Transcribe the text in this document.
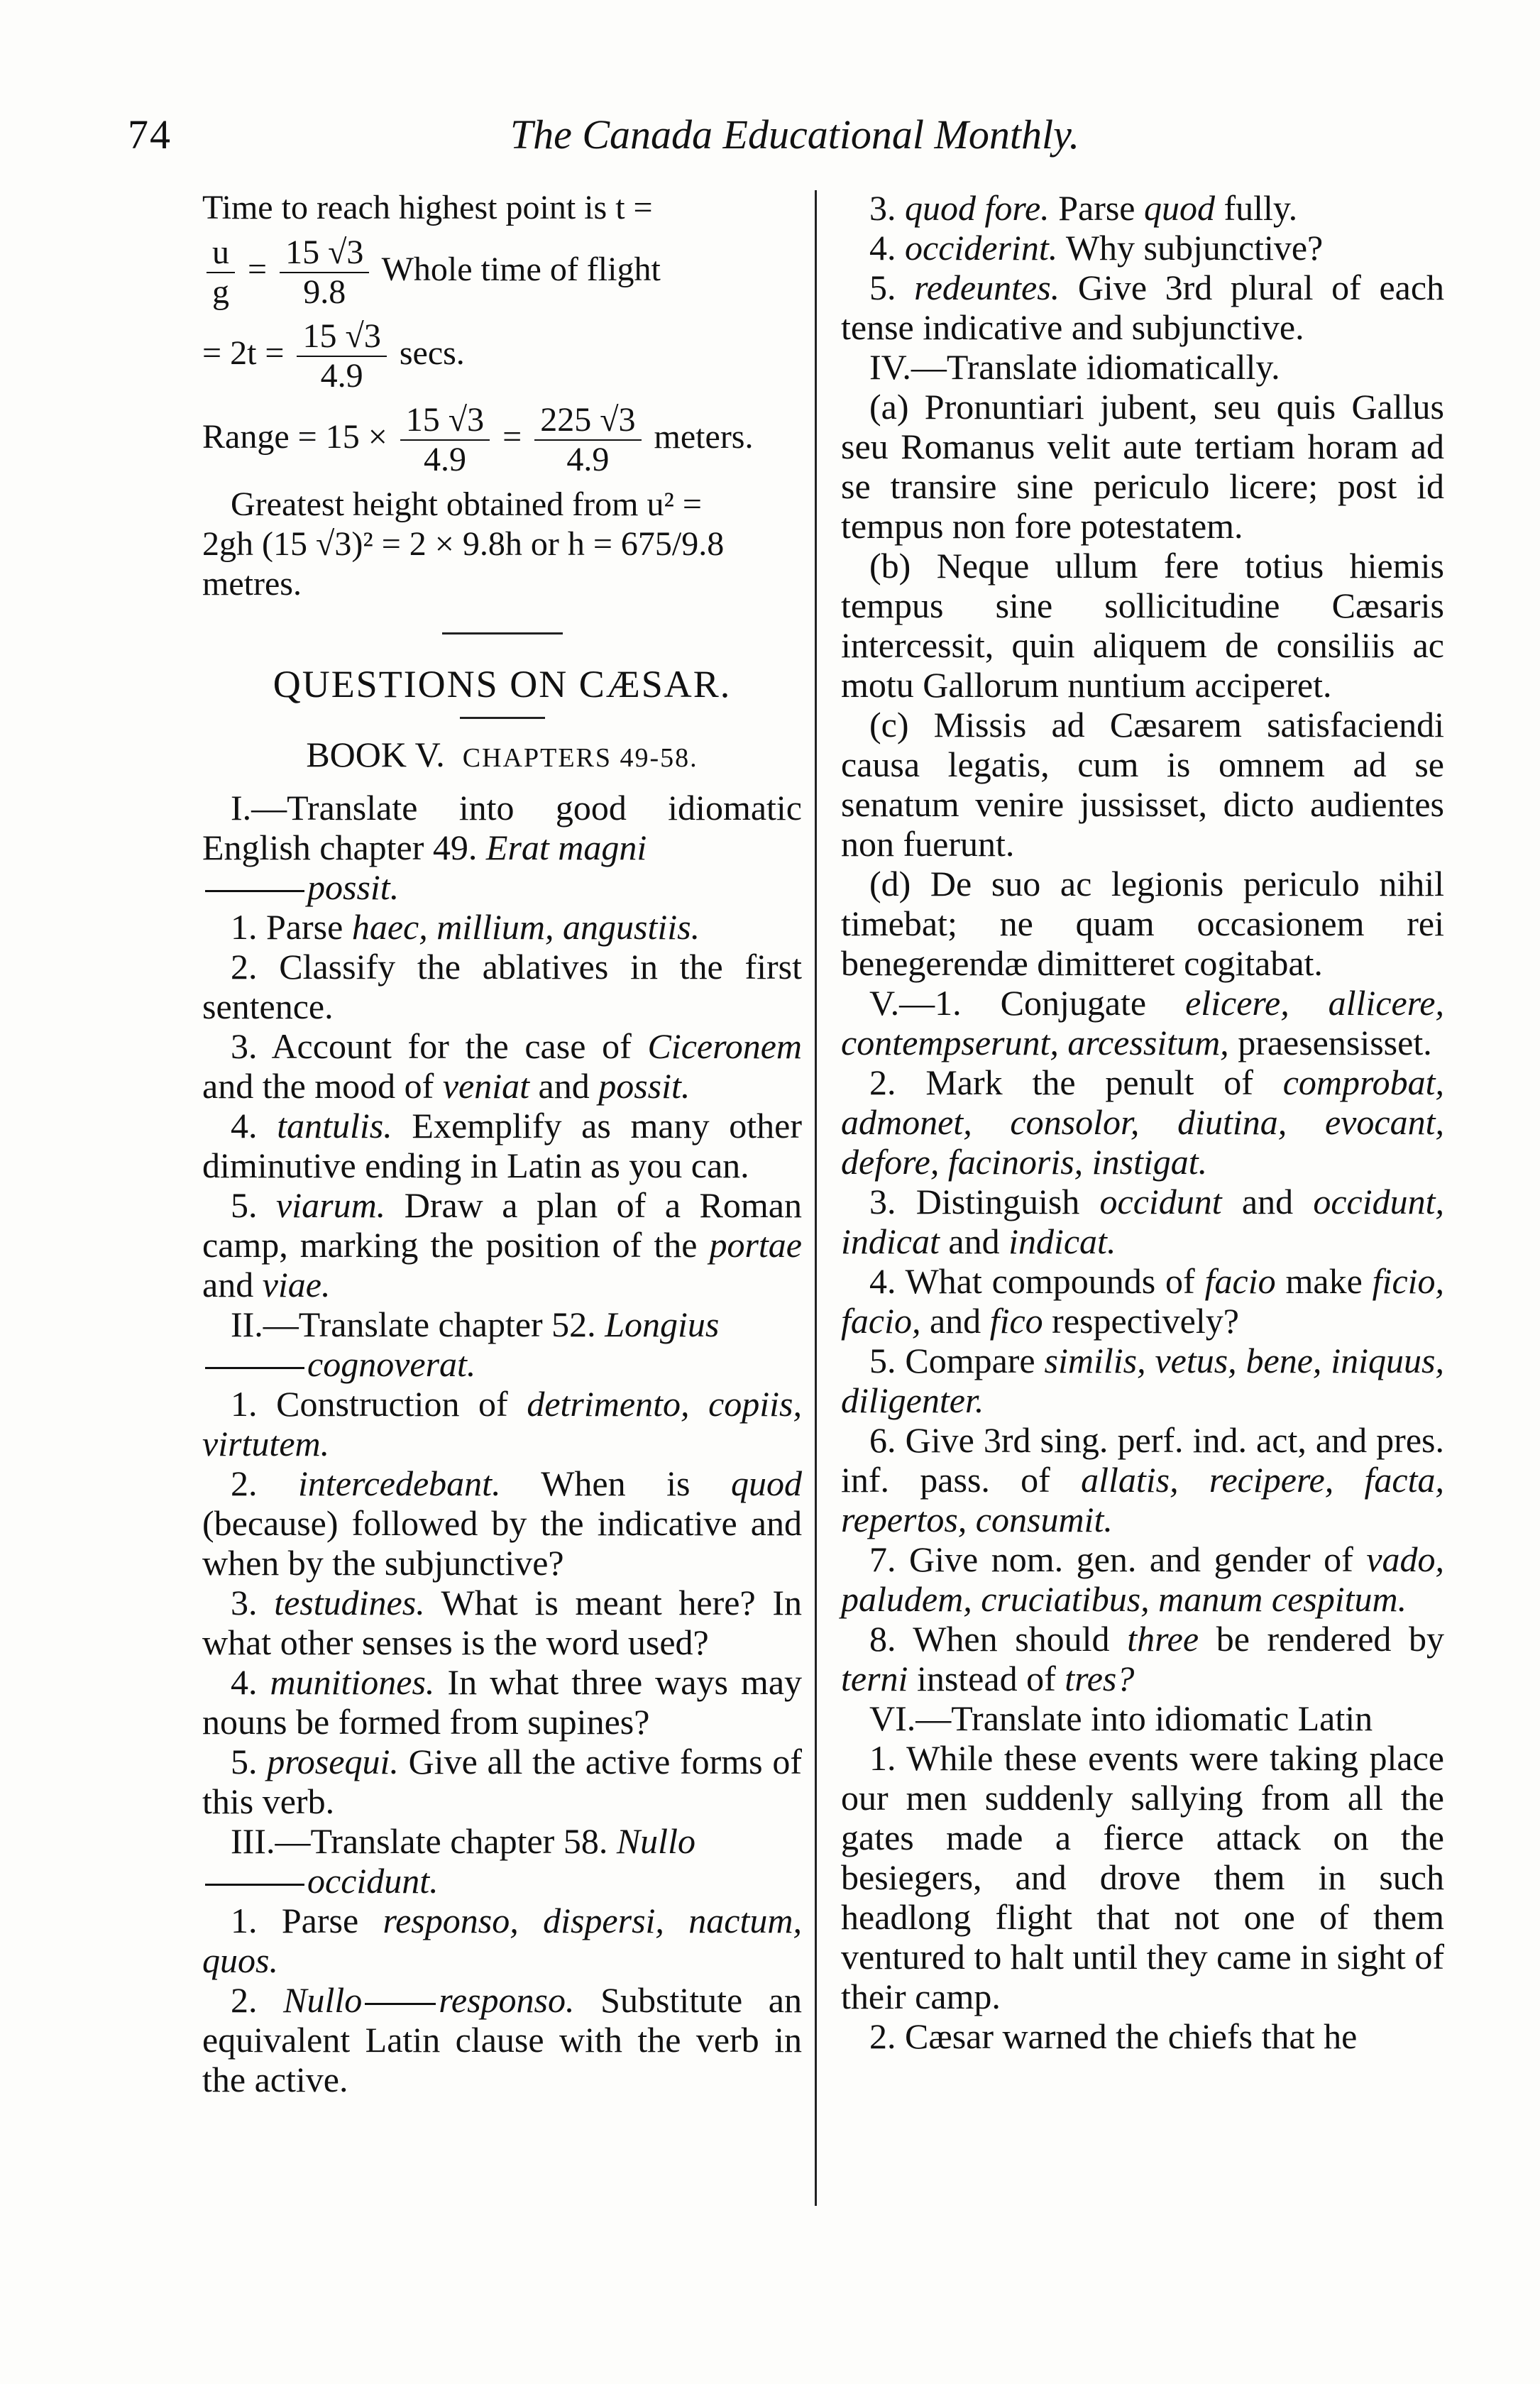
74	The Canada Educational Monthly.

Time to reach highest point is t =

$\frac{u}{g} = \frac{15 √3}{9.8}$ Whole time of flight
= $2t = \frac{15 √3}{4.9} \sec s$.
Range = $15 \times \frac{15 √3}{4.9} = \frac{225 √3}{4.9}$ meters.

Greatest height obtained from u² =

2gh (15 √3)² = 2 × 9.8h or h = 675/9.8

metres.

QUESTIONS ON CÆSAR.

BOOK V. CHAPTERS 49-58.

I.—Translate into good idiomatic English chapter 49. Erat magni
possit.

1. Parse haec, millium, angustiis.

2. Classify the ablatives in the first sentence.

3. Account for the case of Ciceronem and the mood of veniat and possit.

4. tantulis. Exemplify as many other diminutive ending in Latin as you can.

5. viarum. Draw a plan of a Roman camp, marking the position of the portae and viae.

II.—Translate chapter 52. Longius
cognoverat.

1. Construction of detrimento, copiis, virtutem.

2. intercedebant. When is quod (because) followed by the indicative and when by the subjunctive?

3. testudines. What is meant here? In what other senses is the word used?

4. munitiones. In what three ways may nouns be formed from supines?

5. prosequi. Give all the active forms of this verb.

III.—Translate chapter 58. Nullo
occidunt.

1. Parse responso, dispersi, nactum, quos.

2. Nullo responso. Substitute an equivalent Latin clause with the verb in the active.

3. quod fore. Parse quod fully.

4. occiderint. Why subjunctive?

5. redeuntes. Give 3rd plural of each tense indicative and subjunctive.

IV.—Translate idiomatically.

(a) Pronuntiari jubent, seu quis Gallus seu Romanus velit aute tertiam horam ad se transire sine periculo licere; post id tempus non fore potestatem.

(b) Neque ullum fere totius hiemis tempus sine sollicitudine Cæsaris intercessit, quin aliquem de consiliis ac motu Gallorum nuntium acciperet.

(c) Missis ad Cæsarem satisfaciendi causa legatis, cum is omnem ad se senatum venire jussisset, dicto audientes non fuerunt.

(d) De suo ac legionis periculo nihil timebat; ne quam occasionem rei benegerendæ dimitteret cogitabat.

V.—1. Conjugate elicere, allicere, contempserunt, arcessitum, praesensisset.

2. Mark the penult of comprobat, admonet, consolor, diutina, evocant, defore, facinoris, instigat.

3. Distinguish occidunt and occidunt, indicat and indicat.

4. What compounds of facio make ficio, facio, and fico respectively?

5. Compare similis, vetus, bene, iniquus, diligenter.

6. Give 3rd sing. perf. ind. act, and pres. inf. pass. of allatis, recipere, facta, repertos, consumit.

7. Give nom. gen. and gender of vado, paludem, cruciatibus, manum cespitum.

8. When should three be rendered by terni instead of tres?

VI.—Translate into idiomatic Latin

1. While these events were taking place our men suddenly sallying from all the gates made a fierce attack on the besiegers, and drove them in such headlong flight that not one of them ventured to halt until they came in sight of their camp.

2. Cæsar warned the chiefs that he
